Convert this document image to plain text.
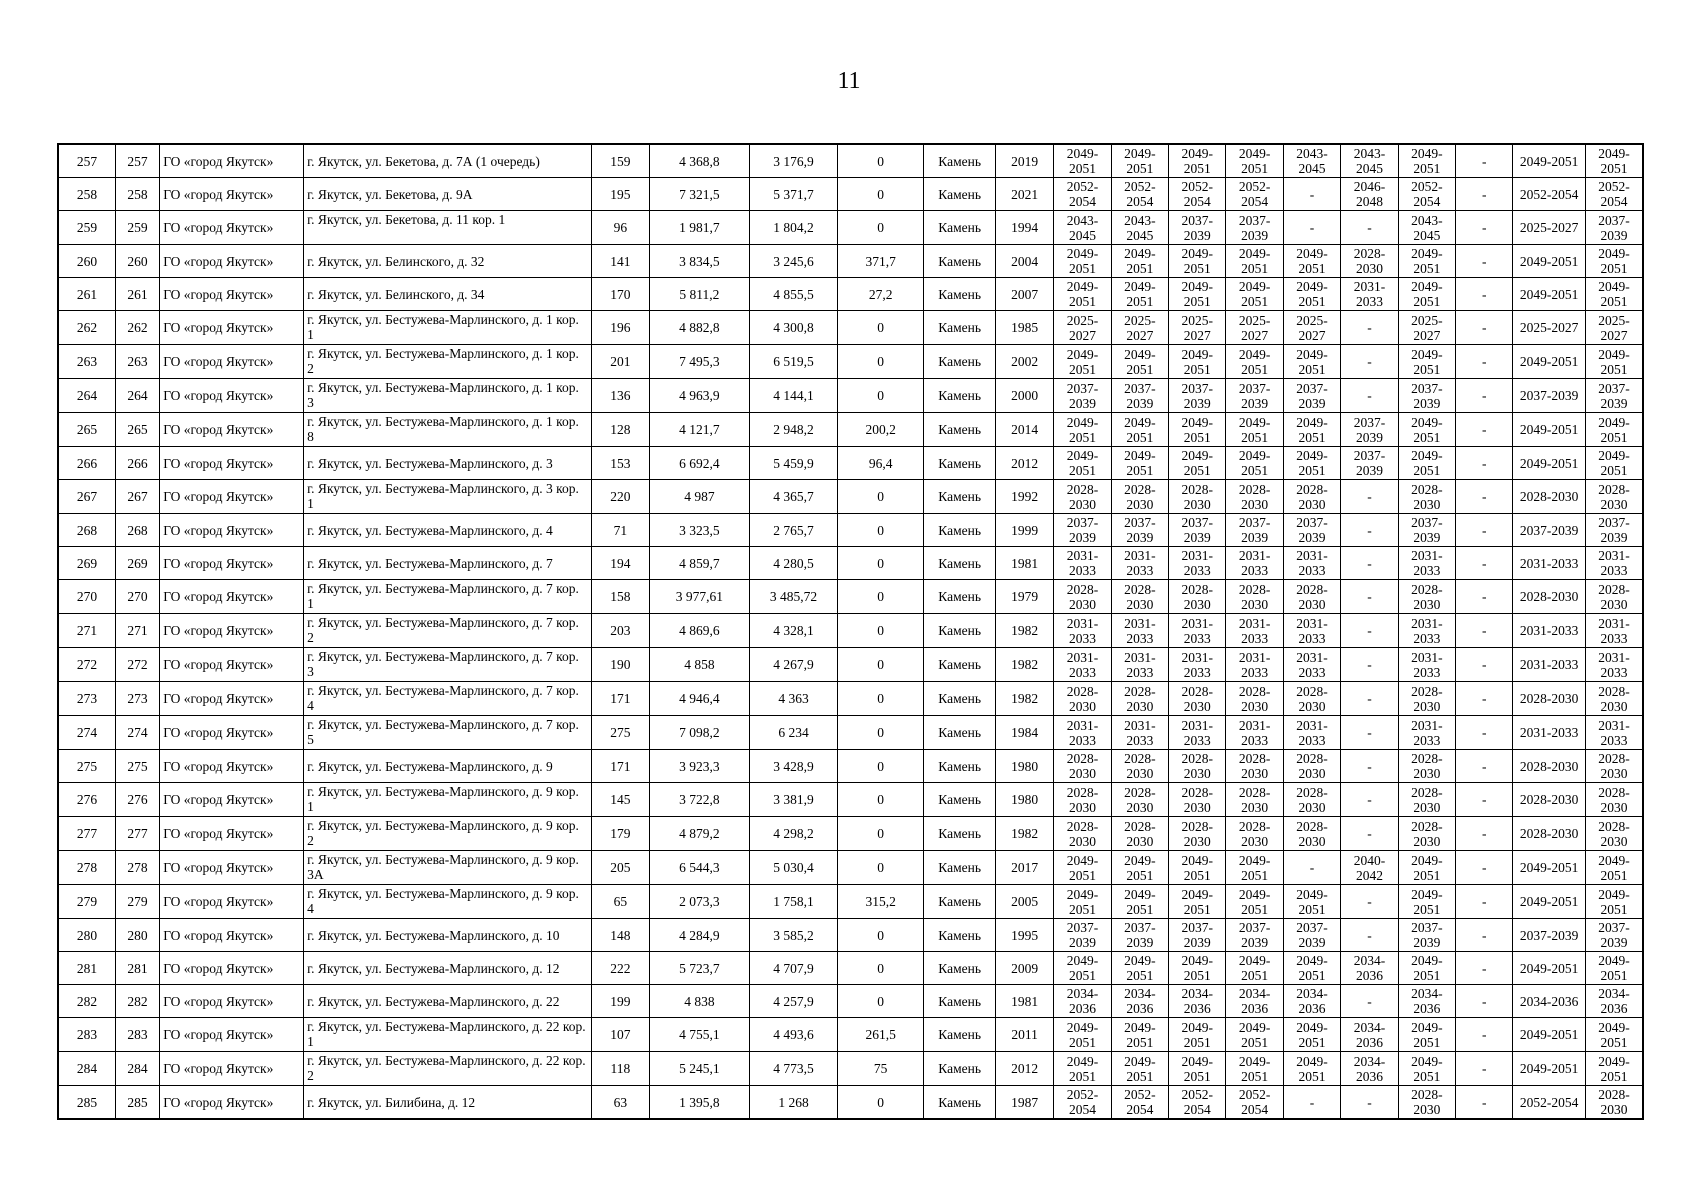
11
257	257	ГО «город Якутск»	г. Якутск, ул. Бекетова, д. 7А (1 очередь)	159	4 368,8	3 176,9	0	Камень	2019	2049-2051	2049-2051	2049-2051	2049-2051	2043-2045	2043-2045	2049-2051	-	2049-2051	2049-2051
258	258	ГО «город Якутск»	г. Якутск, ул. Бекетова, д. 9А	195	7 321,5	5 371,7	0	Камень	2021	2052-2054	2052-2054	2052-2054	2052-2054	-	2046-2048	2052-2054	-	2052-2054	2052-2054
259	259	ГО «город Якутск»	г. Якутск, ул. Бекетова, д. 11 кор. 1	96	1 981,7	1 804,2	0	Камень	1994	2043-2045	2043-2045	2037-2039	2037-2039	-	-	2043-2045	-	2025-2027	2037-2039
260	260	ГО «город Якутск»	г. Якутск, ул. Белинского, д. 32	141	3 834,5	3 245,6	371,7	Камень	2004	2049-2051	2049-2051	2049-2051	2049-2051	2049-2051	2028-2030	2049-2051	-	2049-2051	2049-2051
261	261	ГО «город Якутск»	г. Якутск, ул. Белинского, д. 34	170	5 811,2	4 855,5	27,2	Камень	2007	2049-2051	2049-2051	2049-2051	2049-2051	2049-2051	2031-2033	2049-2051	-	2049-2051	2049-2051
262	262	ГО «город Якутск»	г. Якутск, ул. Бестужева-Марлинского, д. 1 кор. 1	196	4 882,8	4 300,8	0	Камень	1985	2025-2027	2025-2027	2025-2027	2025-2027	2025-2027	-	2025-2027	-	2025-2027	2025-2027
263	263	ГО «город Якутск»	г. Якутск, ул. Бестужева-Марлинского, д. 1 кор. 2	201	7 495,3	6 519,5	0	Камень	2002	2049-2051	2049-2051	2049-2051	2049-2051	2049-2051	-	2049-2051	-	2049-2051	2049-2051
264	264	ГО «город Якутск»	г. Якутск, ул. Бестужева-Марлинского, д. 1 кор. 3	136	4 963,9	4 144,1	0	Камень	2000	2037-2039	2037-2039	2037-2039	2037-2039	2037-2039	-	2037-2039	-	2037-2039	2037-2039
265	265	ГО «город Якутск»	г. Якутск, ул. Бестужева-Марлинского, д. 1 кор. 8	128	4 121,7	2 948,2	200,2	Камень	2014	2049-2051	2049-2051	2049-2051	2049-2051	2049-2051	2037-2039	2049-2051	-	2049-2051	2049-2051
266	266	ГО «город Якутск»	г. Якутск, ул. Бестужева-Марлинского, д. 3	153	6 692,4	5 459,9	96,4	Камень	2012	2049-2051	2049-2051	2049-2051	2049-2051	2049-2051	2037-2039	2049-2051	-	2049-2051	2049-2051
267	267	ГО «город Якутск»	г. Якутск, ул. Бестужева-Марлинского, д. 3 кор. 1	220	4 987	4 365,7	0	Камень	1992	2028-2030	2028-2030	2028-2030	2028-2030	2028-2030	-	2028-2030	-	2028-2030	2028-2030
268	268	ГО «город Якутск»	г. Якутск, ул. Бестужева-Марлинского, д. 4	71	3 323,5	2 765,7	0	Камень	1999	2037-2039	2037-2039	2037-2039	2037-2039	2037-2039	-	2037-2039	-	2037-2039	2037-2039
269	269	ГО «город Якутск»	г. Якутск, ул. Бестужева-Марлинского, д. 7	194	4 859,7	4 280,5	0	Камень	1981	2031-2033	2031-2033	2031-2033	2031-2033	2031-2033	-	2031-2033	-	2031-2033	2031-2033
270	270	ГО «город Якутск»	г. Якутск, ул. Бестужева-Марлинского, д. 7 кор. 1	158	3 977,61	3 485,72	0	Камень	1979	2028-2030	2028-2030	2028-2030	2028-2030	2028-2030	-	2028-2030	-	2028-2030	2028-2030
271	271	ГО «город Якутск»	г. Якутск, ул. Бестужева-Марлинского, д. 7 кор. 2	203	4 869,6	4 328,1	0	Камень	1982	2031-2033	2031-2033	2031-2033	2031-2033	2031-2033	-	2031-2033	-	2031-2033	2031-2033
272	272	ГО «город Якутск»	г. Якутск, ул. Бестужева-Марлинского, д. 7 кор. 3	190	4 858	4 267,9	0	Камень	1982	2031-2033	2031-2033	2031-2033	2031-2033	2031-2033	-	2031-2033	-	2031-2033	2031-2033
273	273	ГО «город Якутск»	г. Якутск, ул. Бестужева-Марлинского, д. 7 кор. 4	171	4 946,4	4 363	0	Камень	1982	2028-2030	2028-2030	2028-2030	2028-2030	2028-2030	-	2028-2030	-	2028-2030	2028-2030
274	274	ГО «город Якутск»	г. Якутск, ул. Бестужева-Марлинского, д. 7 кор. 5	275	7 098,2	6 234	0	Камень	1984	2031-2033	2031-2033	2031-2033	2031-2033	2031-2033	-	2031-2033	-	2031-2033	2031-2033
275	275	ГО «город Якутск»	г. Якутск, ул. Бестужева-Марлинского, д. 9	171	3 923,3	3 428,9	0	Камень	1980	2028-2030	2028-2030	2028-2030	2028-2030	2028-2030	-	2028-2030	-	2028-2030	2028-2030
276	276	ГО «город Якутск»	г. Якутск, ул. Бестужева-Марлинского, д. 9 кор. 1	145	3 722,8	3 381,9	0	Камень	1980	2028-2030	2028-2030	2028-2030	2028-2030	2028-2030	-	2028-2030	-	2028-2030	2028-2030
277	277	ГО «город Якутск»	г. Якутск, ул. Бестужева-Марлинского, д. 9 кор. 2	179	4 879,2	4 298,2	0	Камень	1982	2028-2030	2028-2030	2028-2030	2028-2030	2028-2030	-	2028-2030	-	2028-2030	2028-2030
278	278	ГО «город Якутск»	г. Якутск, ул. Бестужева-Марлинского, д. 9 кор. 3А	205	6 544,3	5 030,4	0	Камень	2017	2049-2051	2049-2051	2049-2051	2049-2051	-	2040-2042	2049-2051	-	2049-2051	2049-2051
279	279	ГО «город Якутск»	г. Якутск, ул. Бестужева-Марлинского, д. 9 кор. 4	65	2 073,3	1 758,1	315,2	Камень	2005	2049-2051	2049-2051	2049-2051	2049-2051	2049-2051	-	2049-2051	-	2049-2051	2049-2051
280	280	ГО «город Якутск»	г. Якутск, ул. Бестужева-Марлинского, д. 10	148	4 284,9	3 585,2	0	Камень	1995	2037-2039	2037-2039	2037-2039	2037-2039	2037-2039	-	2037-2039	-	2037-2039	2037-2039
281	281	ГО «город Якутск»	г. Якутск, ул. Бестужева-Марлинского, д. 12	222	5 723,7	4 707,9	0	Камень	2009	2049-2051	2049-2051	2049-2051	2049-2051	2049-2051	2034-2036	2049-2051	-	2049-2051	2049-2051
282	282	ГО «город Якутск»	г. Якутск, ул. Бестужева-Марлинского, д. 22	199	4 838	4 257,9	0	Камень	1981	2034-2036	2034-2036	2034-2036	2034-2036	2034-2036	-	2034-2036	-	2034-2036	2034-2036
283	283	ГО «город Якутск»	г. Якутск, ул. Бестужева-Марлинского, д. 22 кор. 1	107	4 755,1	4 493,6	261,5	Камень	2011	2049-2051	2049-2051	2049-2051	2049-2051	2049-2051	2034-2036	2049-2051	-	2049-2051	2049-2051
284	284	ГО «город Якутск»	г. Якутск, ул. Бестужева-Марлинского, д. 22 кор. 2	118	5 245,1	4 773,5	75	Камень	2012	2049-2051	2049-2051	2049-2051	2049-2051	2049-2051	2034-2036	2049-2051	-	2049-2051	2049-2051
285	285	ГО «город Якутск»	г. Якутск, ул. Билибина, д. 12	63	1 395,8	1 268	0	Камень	1987	2052-2054	2052-2054	2052-2054	2052-2054	-	-	2028-2030	-	2052-2054	2028-2030
